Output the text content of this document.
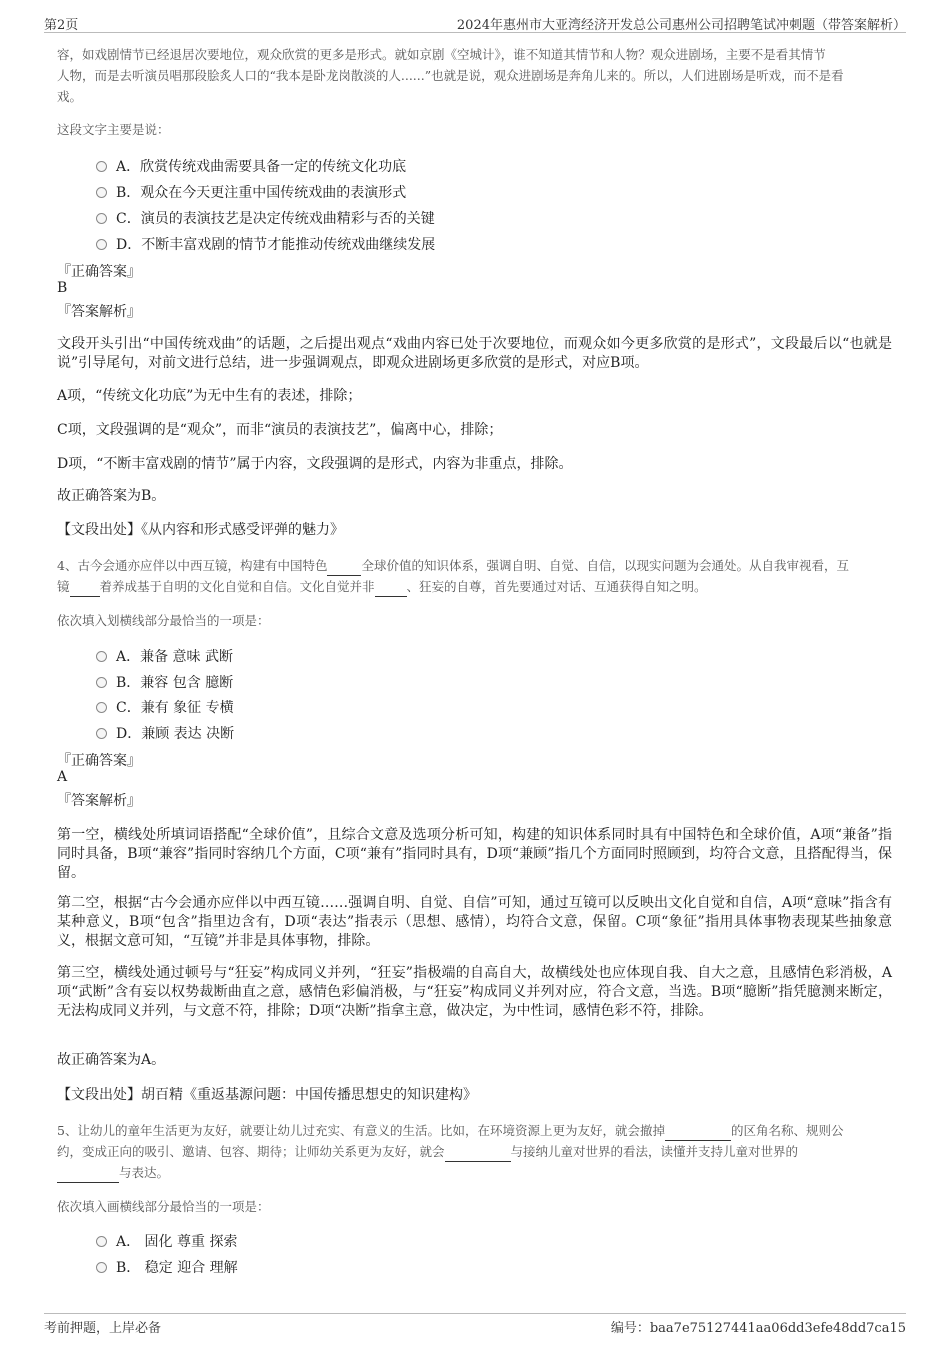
第2页	2024年惠州市大亚湾经济开发总公司惠州公司招聘笔试冲刺题（带答案解析）
容，如戏剧情节已经退居次要地位，观众欣赏的更多是形式。就如京剧《空城计》，谁不知道其情节和人物？观众进剧场，主要不是看其情节
人物，而是去听演员唱那段脍炙人口的“我本是卧龙岗散淡的人......”也就是说，观众进剧场是奔角儿来的。所以，人们进剧场是听戏，而不是看
戏。
这段文字主要是说：
A．欣赏传统戏曲需要具备一定的传统文化功底
B．观众在今天更注重中国传统戏曲的表演形式
C．演员的表演技艺是决定传统戏曲精彩与否的关键
D．不断丰富戏剧的情节才能推动传统戏曲继续发展
『正确答案』
B
『答案解析』
文段开头引出“中国传统戏曲”的话题，之后提出观点“戏曲内容已处于次要地位，而观众如今更多欣赏的是形式”，文段最后以“也就是说”引导尾句，对前文进行总结，进一步强调观点，即观众进剧场更多欣赏的是形式，对应B项。
A项，“传统文化功底”为无中生有的表述，排除；
C项，文段强调的是“观众”，而非“演员的表演技艺”，偏离中心，排除；
D项，“不断丰富戏剧的情节”属于内容，文段强调的是形式，内容为非重点，排除。
故正确答案为B。
【文段出处】《从内容和形式感受评弹的魅力》
4、古今会通亦应伴以中西互镜，构建有中国特色	全球价值的知识体系，强调自明、自觉、自信，以现实问题为会通处。从自我审视看，互
镜 着养成基于自明的文化自觉和自信。文化自觉并非	、狂妄的自尊，首先要通过对话、互通获得自知之明。
依次填入划横线部分最恰当的一项是：
A．兼备 意味 武断
B．兼容 包含 臆断
C．兼有 象征 专横
D．兼顾 表达 决断
『正确答案』
A
『答案解析』
第一空，横线处所填词语搭配“全球价值”，且综合文意及选项分析可知，构建的知识体系同时具有中国特色和全球价值，A项“兼备”指同时具备，B项“兼容”指同时容纳几个方面，C项“兼有”指同时具有，D项“兼顾”指几个方面同时照顾到，均符合文意，且搭配得当，保留。
第二空，根据“古今会通亦应伴以中西互镜……强调自明、自觉、自信”可知，通过互镜可以反映出文化自觉和自信，A项“意味”指含有某种意义，B项“包含”指里边含有，D项“表达”指表示（思想、感情），均符合文意，保留。C项“象征”指用具体事物表现某些抽象意义，根据文意可知，“互镜”并非是具体事物，排除。
第三空，横线处通过顿号与“狂妄”构成同义并列，“狂妄”指极端的自高自大，故横线处也应体现自我、自大之意，且感情色彩消极，A项“武断”含有妄以权势裁断曲直之意，感情色彩偏消极，与“狂妄”构成同义并列对应，符合文意，当选。B项“臆断”指凭臆测来断定，无法构成同义并列，与文意不符，排除；D项“决断”指拿主意，做决定，为中性词，感情色彩不符，排除。
故正确答案为A。
【文段出处】胡百精《重返基源问题：中国传播思想史的知识建构》
5、让幼儿的童年生活更为友好，就要让幼儿过充实、有意义的生活。比如，在环境资源上更为友好，就会撤掉	的区角名称、规则公
约，变成正向的吸引、邀请、包容、期待；让师幼关系更为友好，就会	与接纳儿童对世界的看法，读懂并支持儿童对世界的
与表达。
依次填入画横线部分最恰当的一项是：
A． 固化 尊重 探索
B． 稳定 迎合 理解
考前押题，上岸必备	编号：baa7e75127441aa06dd3efe48dd7ca15
